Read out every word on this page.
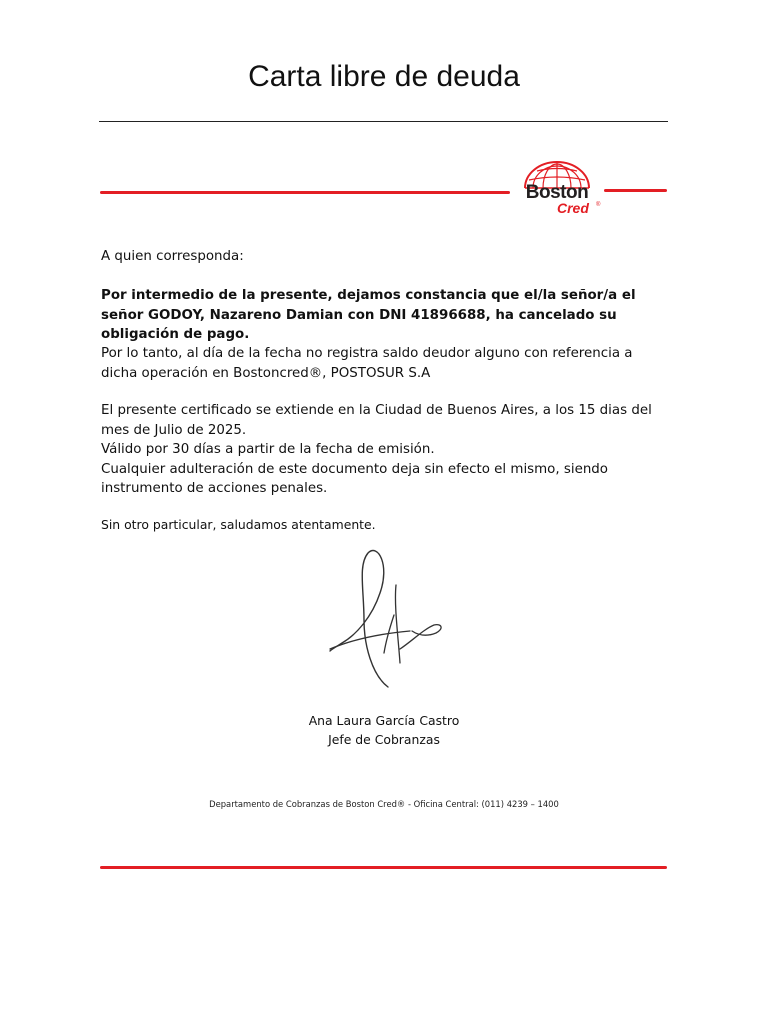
Carta libre de deuda
Boston
Cred ®
A quien corresponda:
Por intermedio de la presente, dejamos constancia que el/la señor/a el señor GODOY, Nazareno Damian con DNI 41896688, ha cancelado su obligación de pago.
Por lo tanto, al día de la fecha no registra saldo deudor alguno con referencia a dicha operación en Bostoncred®, POSTOSUR S.A
El presente certificado se extiende en la Ciudad de Buenos Aires, a los 15 dias del mes de Julio de 2025.
Válido por 30 días a partir de la fecha de emisión.
Cualquier adulteración de este documento deja sin efecto el mismo, siendo instrumento de acciones penales.
Sin otro particular, saludamos atentamente.
Ana Laura García Castro
Jefe de Cobranzas
Departamento de Cobranzas de Boston Cred® - Oficina Central: (011) 4239 – 1400
